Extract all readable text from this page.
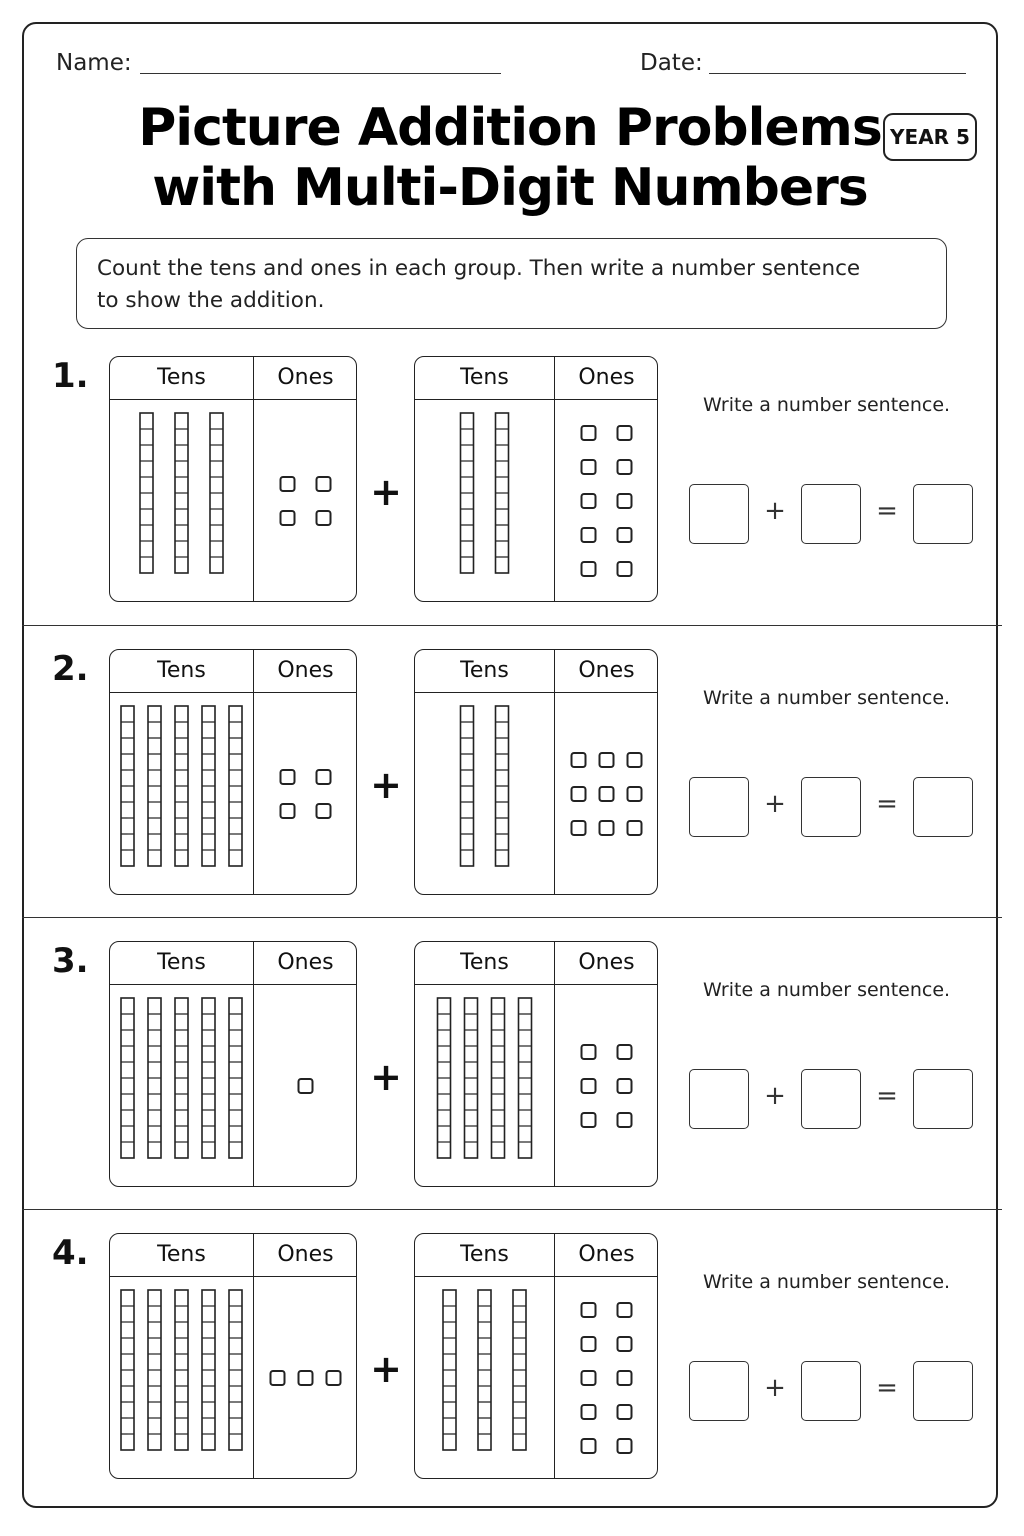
Name:	Date:
Picture Addition Problems
with Multi-Digit Numbers
YEAR 5
Count the tens and ones in each group. Then write a number sentence
to show the addition.
1.	Tens	Ones
+
Tens	Ones
Write a number sentence.
+	=
2.	Tens	Ones
+
Tens	Ones
Write a number sentence.
+	=
3.	Tens	Ones
+
Tens	Ones
Write a number sentence.
+	=
4.	Tens	Ones
+
Tens	Ones
Write a number sentence.
+	=
